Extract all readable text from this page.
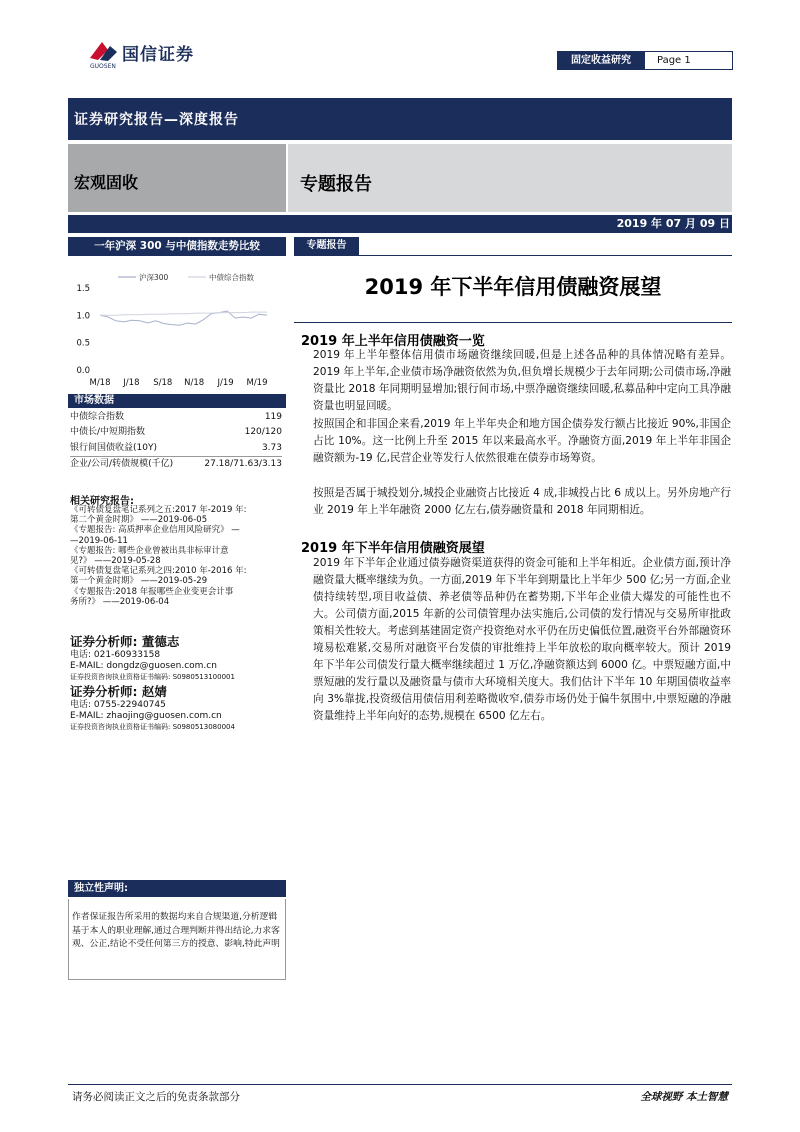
国信证券
GUOSEN
固定收益研究	Page 1
证券研究报告—深度报告
宏观固收	专题报告
2019 年 07 月 09 日
一年沪深 300 与中债指数走势比较
沪深300	中债综合指数
0.0
0.5
1.0
1.5
M/18 J/18 S/18 N/18 J/19 M/19
市场数据
中债综合指数	119
中债长/中短期指数	120/120
银行间国债收益(10Y)	3.73
企业/公司/转债规模(千亿)	27.18/71.63/3.13
相关研究报告:
《可转债复盘笔记系列之五:2017 年-2019 年:
第二个黄金时期》 ——2019-06-05
《专题报告: 高质押率企业信用风险研究》 —
—2019-06-11
《专题报告: 哪些企业曾被出具非标审计意
见?》 ——2019-05-28
《可转债复盘笔记系列之四:2010 年-2016 年:
第一个黄金时期》 ——2019-05-29
《专题报告:2018 年报哪些企业变更会计事
务所?》 ——2019-06-04
证券分析师: 董德志
电话: 021-60933158
E-MAIL: dongdz@guosen.com.cn
证券投资咨询执业资格证书编码: S0980513100001
证券分析师: 赵婧
电话: 0755-22940745
E-MAIL: zhaojing@guosen.com.cn
证券投资咨询执业资格证书编码: S0980513080004
独立性声明:
作者保证报告所采用的数据均来自合规渠道,分析逻辑基于本人的职业理解,通过合理判断并得出结论,力求客观、公正,结论不受任何第三方的授意、影响,特此声明
专题报告
2019 年下半年信用债融资展望
2019 年上半年信用债融资一览
2019 年上半年整体信用债市场融资继续回暖,但是上述各品种的具体情况略有差异。2019 年上半年,企业债市场净融资依然为负,但负增长规模少于去年同期;公司债市场,净融资量比 2018 年同期明显增加;银行间市场,中票净融资继续回暖,私募品种中定向工具净融资量也明显回暖。
按照国企和非国企来看,2019 年上半年央企和地方国企债券发行额占比接近 90%,非国企占比 10%。这一比例上升至 2015 年以来最高水平。净融资方面,2019 年上半年非国企融资额为-19 亿,民营企业等发行人依然很难在债券市场筹资。
按照是否属于城投划分,城投企业融资占比接近 4 成,非城投占比 6 成以上。另外房地产行业 2019 年上半年融资 2000 亿左右,债券融资量和 2018 年同期相近。
2019 年下半年信用债融资展望
2019 年下半年企业通过债券融资渠道获得的资金可能和上半年相近。企业债方面,预计净融资量大概率继续为负。一方面,2019 年下半年到期量比上半年少 500 亿;另一方面,企业债持续转型,项目收益债、养老债等品种仍在蓄势期,下半年企业债大爆发的可能性也不大。公司债方面,2015 年新的公司债管理办法实施后,公司债的发行情况与交易所审批政策相关性较大。考虑到基建固定资产投资绝对水平仍在历史偏低位置,融资平台外部融资环境易松难紧,交易所对融资平台发债的审批维持上半年放松的取向概率较大。预计 2019 年下半年公司债发行量大概率继续超过 1 万亿,净融资额达到 6000 亿。中票短融方面,中票短融的发行量以及融资量与债市大环境相关度大。我们估计下半年 10 年期国债收益率向 3%靠拢,投资级信用债信用利差略微收窄,债券市场仍处于偏牛氛围中,中票短融的净融资量维持上半年向好的态势,规模在 6500 亿左右。
请务必阅读正文之后的免责条款部分	全球视野 本土智慧
